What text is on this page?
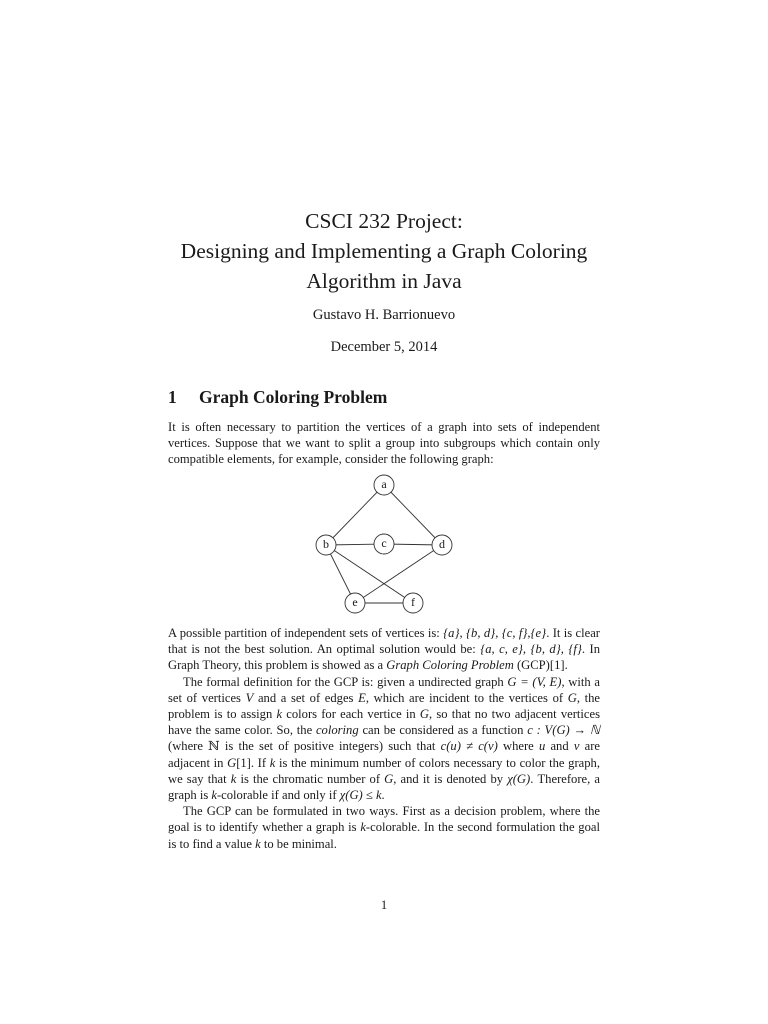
CSCI 232 Project:
Designing and Implementing a Graph Coloring
Algorithm in Java
Gustavo H. Barrionuevo
December 5, 2014
1 Graph Coloring Problem

It is often necessary to partition the vertices of a graph into sets of independent vertices. Suppose that we want to split a group into subgroups which contain only compatible elements, for example, consider the following graph:

a
b	c	d
e	f

A possible partition of independent sets of vertices is: {a}, {b, d}, {c, f},{e}. It is clear that is not the best solution. An optimal solution would be: {a, c, e}, {b, d}, {f}. In Graph Theory, this problem is showed as a Graph Coloring Problem (GCP)[1].

The formal definition for the GCP is: given a undirected graph G = (V, E), with a set of vertices V and a set of edges E, which are incident to the vertices of G, the problem is to assign k colors for each vertice in G, so that no two adjacent vertices have the same color. So, the coloring can be considered as a function c : V(G) → ℕ (where ℕ is the set of positive integers) such that c(u) ≠ c(v) where u and v are adjacent in G[1]. If k is the minimum number of colors necessary to color the graph, we say that k is the chromatic number of G, and it is denoted by χ(G). Therefore, a graph is k-colorable if and only if χ(G) ≤ k.

The GCP can be formulated in two ways. First as a decision problem, where the goal is to identify whether a graph is k-colorable. In the second formulation the goal is to find a value k to be minimal.

1
